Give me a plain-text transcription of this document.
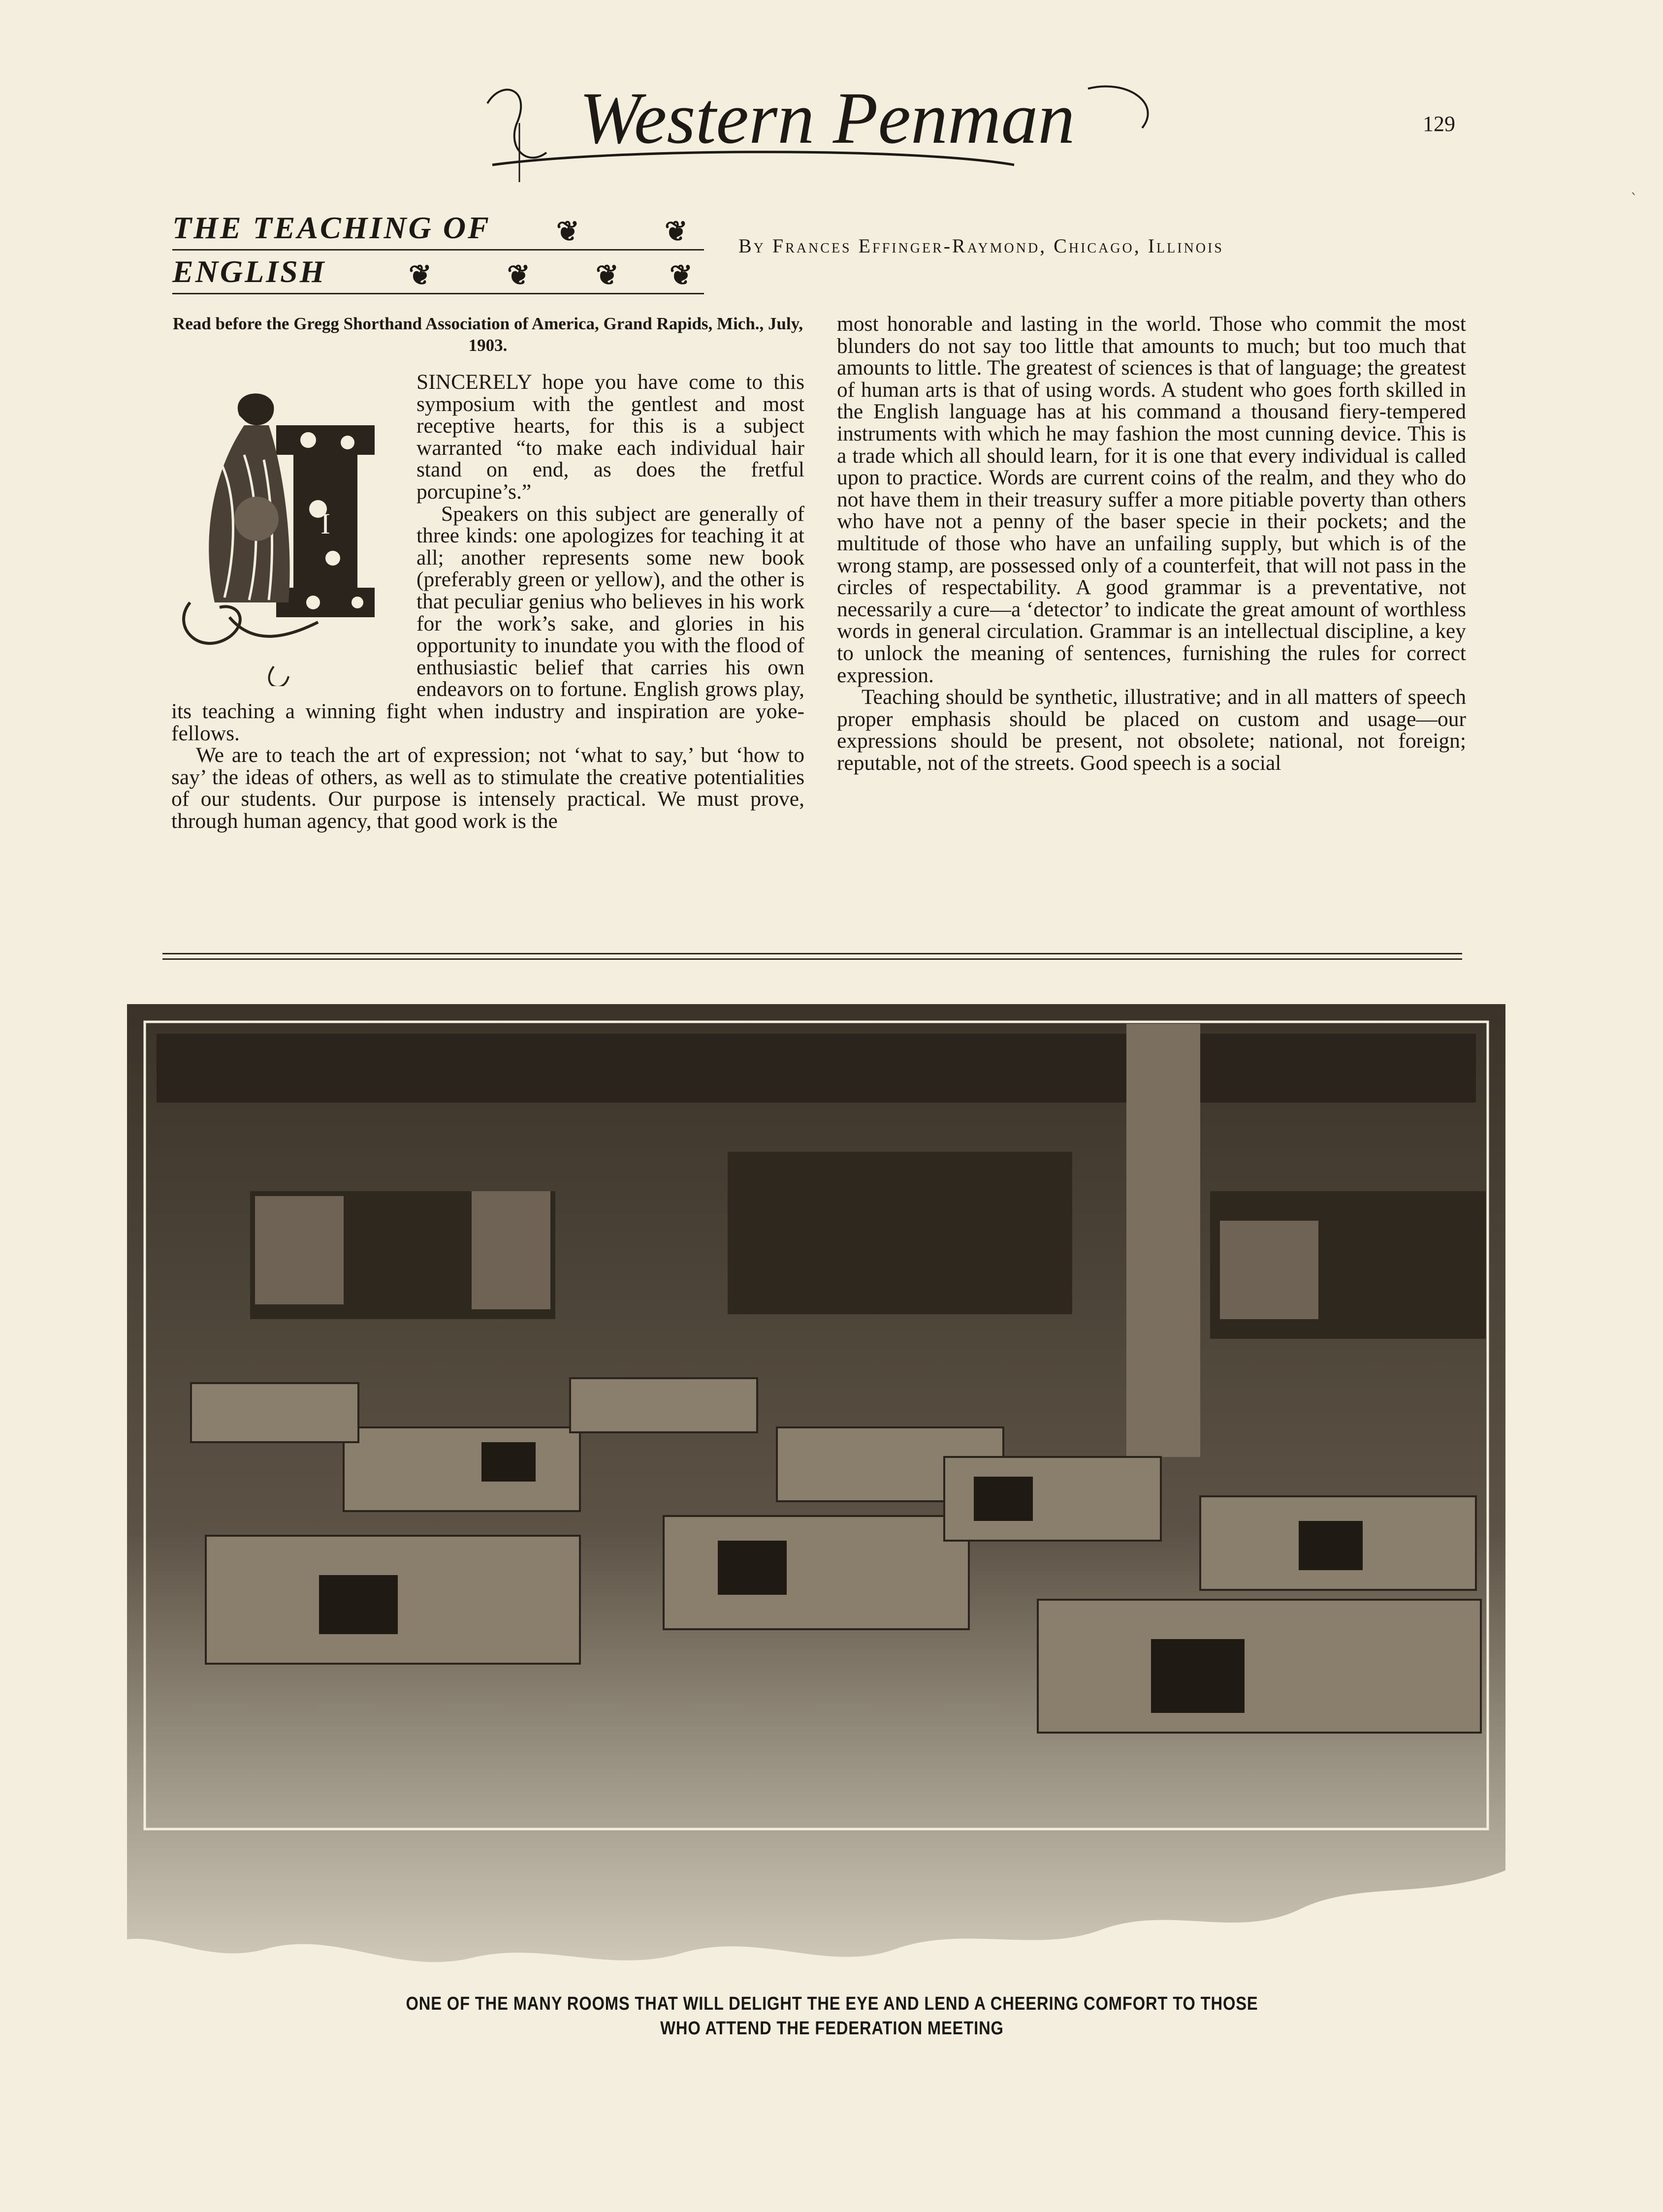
Western Penman	129
`
THE TEACHING OF ❦	❦
ENGLISH	❦	❦ ❦ ❦
By Frances Effinger-Raymond, Chicago, Illinois
Read before the Gregg Shorthand Association of America, Grand Rapids, Mich., July, 1903.
I

SINCERELY hope you have come to this symposium with the gentlest and most receptive hearts, for this is a subject warranted “to make each individual hair stand on end, as does the fretful porcupine’s.”

Speakers on this subject are generally of three kinds: one apologizes for teaching it at all; another represents some new book (preferably green or yellow), and the other is that peculiar genius who believes in his work for the work’s sake, and glories in his opportunity to inundate you with the flood of enthusiastic belief that carries his own endeavors on to fortune. English grows play, its teaching a winning fight when industry and inspiration are yoke-fellows.

We are to teach the art of expression; not ‘what to say,’ but ‘how to say’ the ideas of others, as well as to stimulate the creative potentialities of our students. Our purpose is intensely practical. We must prove, through human agency, that good work is the

most honorable and lasting in the world. Those who commit the most blunders do not say too little that amounts to much; but too much that amounts to little. The greatest of sciences is that of language; the greatest of human arts is that of using words. A student who goes forth skilled in the English language has at his command a thousand fiery-tempered instruments with which he may fashion the most cunning device. This is a trade which all should learn, for it is one that every individual is called upon to practice. Words are current coins of the realm, and they who do not have them in their treasury suffer a more pitiable poverty than others who have not a penny of the baser specie in their pockets; and the multitude of those who have an unfailing supply, but which is of the wrong stamp, are possessed only of a counterfeit, that will not pass in the circles of respectability. A good grammar is a preventative, not necessarily a cure—a ‘detector’ to indicate the great amount of worthless words in general circulation. Grammar is an intellectual discipline, a key to unlock the meaning of sentences, furnishing the rules for correct expression.

Teaching should be synthetic, illustrative; and in all matters of speech proper emphasis should be placed on custom and usage—our expressions should be present, not obsolete; national, not foreign; reputable, not of the streets. Good speech is a social

ONE OF THE MANY ROOMS THAT WILL DELIGHT THE EYE AND LEND A CHEERING COMFORT TO THOSE
WHO ATTEND THE FEDERATION MEETING
